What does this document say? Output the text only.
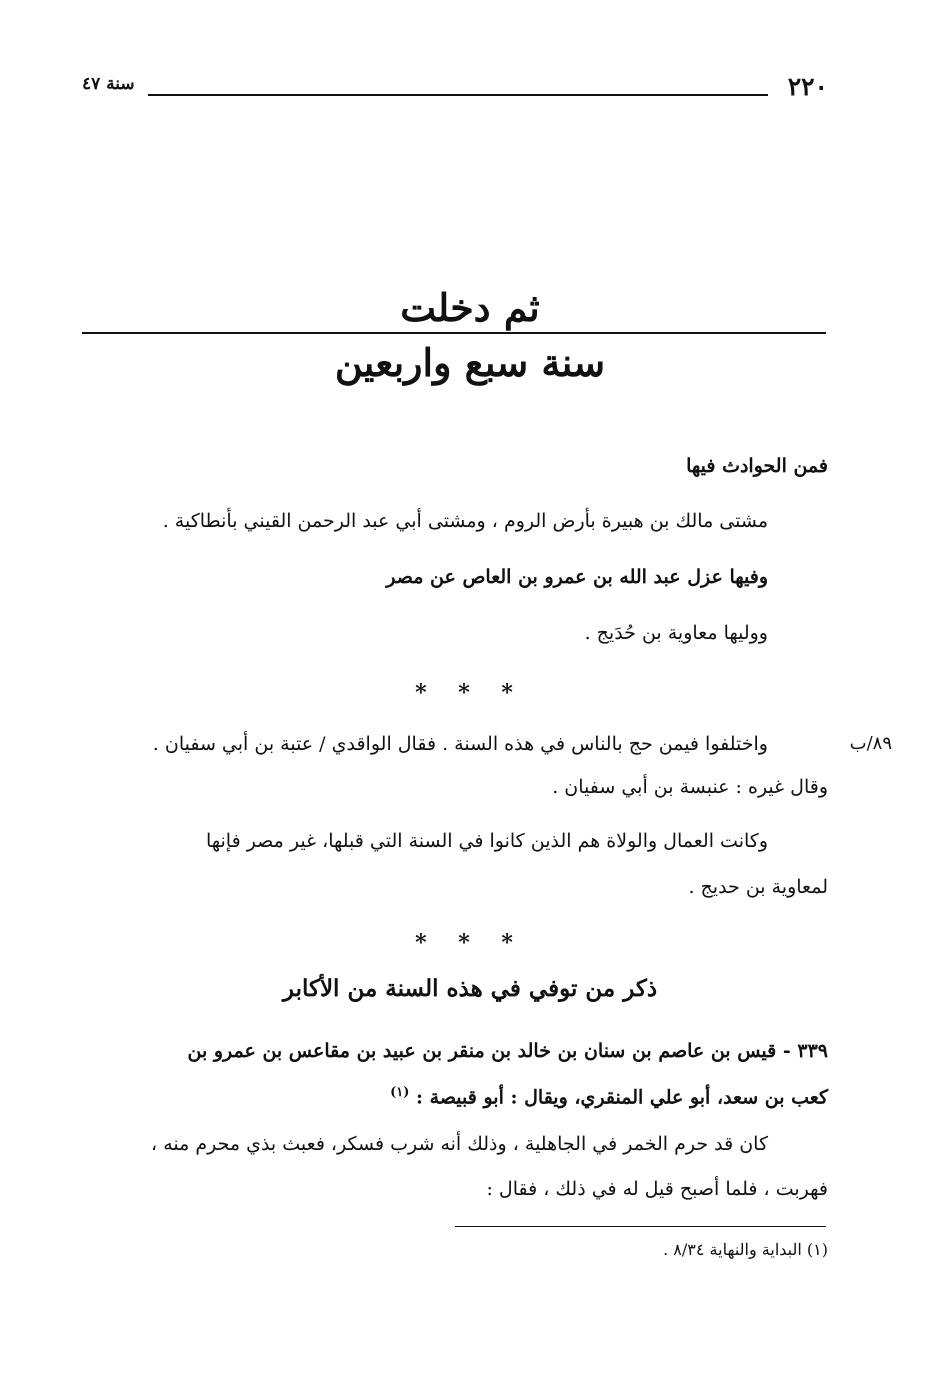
٢٢٠
سنة ٤٧
ثم دخلت
سنة سبع واربعين
فمن الحوادث فيها
مشتى مالك بن هبيرة بأرض الروم ، ومشتى أبي عبد الرحمن القيني بأنطاكية .
وفيها عزل عبد الله بن عمرو بن العاص عن مصر
ووليها معاوية بن حُدَيج .
* * *
٨٩/ب
واختلفوا فيمن حج بالناس في هذه السنة . فقال الواقدي / عتبة بن أبي سفيان .
وقال غيره : عنبسة بن أبي سفيان .
وكانت العمال والولاة هم الذين كانوا في السنة التي قبلها، غير مصر فإنها
لمعاوية بن حديج .
* * *
ذكر من توفي في هذه السنة من الأكابر
٣٣٩ - قيس بن عاصم بن سنان بن خالد بن منقر بن عبيد بن مقاعس بن عمرو بن
كعب بن سعد، أبو علي المنقري، ويقال : أبو قبيصة : $^{(١)}$
كان قد حرم الخمر في الجاهلية ، وذلك أنه شرب فسكر، فعبث بذي محرم منه ،
فهربت ، فلما أصبح قيل له في ذلك ، فقال :
(١) البداية والنهاية ٨/٣٤ .
